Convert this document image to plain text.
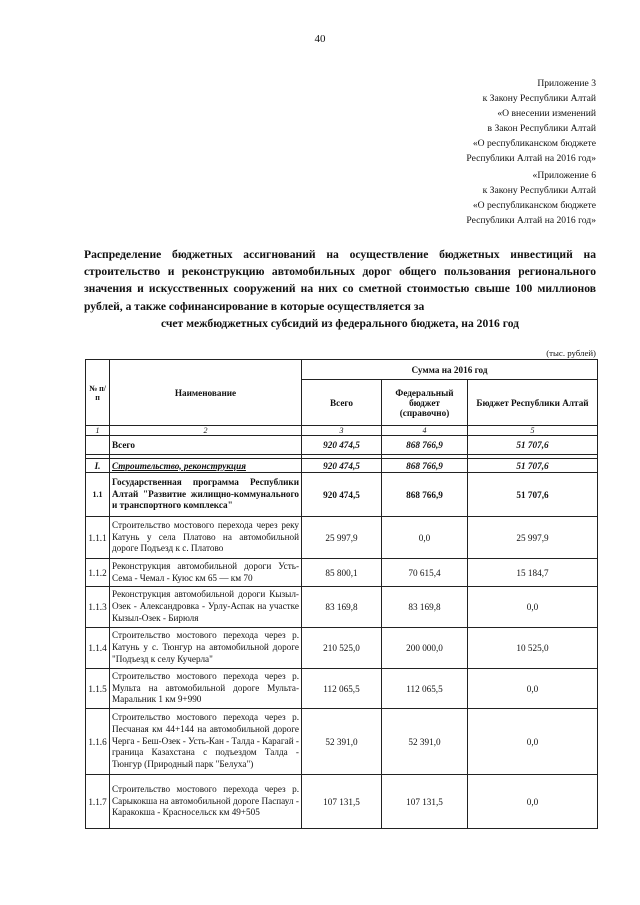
40
Приложение 3
к Закону Республики Алтай
«О внесении изменений
в Закон Республики Алтай
«О республиканском бюджете
Республики Алтай на 2016 год»
«Приложение 6
к Закону Республики Алтай
«О республиканском бюджете
Республики Алтай на 2016 год»
Распределение бюджетных ассигнований на осуществление бюджетных инвестиций на строительство и реконструкцию автомобильных дорог общего пользования регионального значения и искусственных сооружений на них со сметной стоимостью свыше 100 миллионов рублей, а также софинансирование в которые осуществляется за
счет межбюджетных субсидий из федерального бюджета, на 2016 год
(тыс. рублей)
№ п/п	Наименование	Сумма на 2016 год		
		Всего	Федеральный бюджет (справочно)	Бюджет Республики Алтай
1	2	3	4	5
	Всего	920 474,5	868 766,9	51 707,6

I.	Строительство, реконструкция	920 474,5	868 766,9	51 707,6
1.1	Государственная программа Республики Алтай "Развитие жилищно-коммунального и транспортного комплекса"	920 474,5	868 766,9	51 707,6
1.1.1	Строительство мостового перехода через реку Катунь у села Платово на автомобильной дороге Подъезд к с. Платово	25 997,9	0,0	25 997,9
1.1.2	Реконструкция автомобильной дороги Усть-Сема - Чемал - Куюс км 65 — км 70	85 800,1	70 615,4	15 184,7
1.1.3	Реконструкция автомобильной дороги Кызыл-Озек - Александровка - Урлу-Аспак на участке Кызыл-Озек - Бирюля	83 169,8	83 169,8	0,0
1.1.4	Строительство мостового перехода через р. Катунь у с. Тюнгур на автомобильной дороге "Подъезд к селу Кучерла"	210 525,0	200 000,0	10 525,0
1.1.5	Строительство мостового перехода через р. Мульта на автомобильной дороге Мульта-Маральник 1 км 9+990	112 065,5	112 065,5	0,0
1.1.6	Строительство мостового перехода через р. Песчаная км 44+144 на автомобильной дороге Черга - Беш-Озек - Усть-Кан - Талда - Карагай - граница Казахстана с подъездом Талда - Тюнгур (Природный парк "Белуха")	52 391,0	52 391,0	0,0
1.1.7	Строительство мостового перехода через р. Сарыкокша на автомобильной дороге Паспаул - Каракокша - Красносельск км 49+505	107 131,5	107 131,5	0,0
